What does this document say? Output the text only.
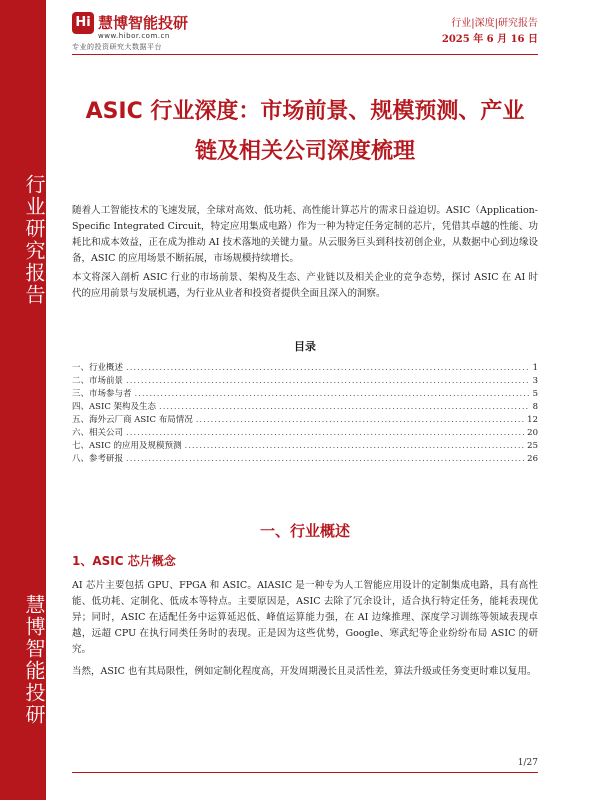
行业研究报告
慧博智能投研
Hi 慧博智能投研
www.hibor.com.cn
专业的投资研究大数据平台
行业|深度|研究报告
2025 年 6 月 16 日
ASIC 行业深度：市场前景、规模预测、产业
链及相关公司深度梳理
随着人工智能技术的飞速发展，全球对高效、低功耗、高性能计算芯片的需求日益迫切。ASIC（Application-Specific Integrated Circuit，特定应用集成电路）作为一种为特定任务定制的芯片，凭借其卓越的性能、功耗比和成本效益，正在成为推动 AI 技术落地的关键力量。从云服务巨头到科技初创企业，从数据中心到边缘设备，ASIC 的应用场景不断拓展，市场规模持续增长。
本文将深入剖析 ASIC 行业的市场前景、架构及生态、产业链以及相关企业的竞争态势，探讨 ASIC 在 AI 时代的应用前景与发展机遇，为行业从业者和投资者提供全面且深入的洞察。
目录
一、行业概述 .....	1
二、市场前景 .....	3
三、市场参与者 .....	5
四、ASIC 架构及生态 .....	8
五、海外云厂商 ASIC 布局情况 .....	12
六、相关公司 .....	20
七、ASIC 的应用及规模预测 .....	25
八、参考研报 .....	26
一、行业概述
1、ASIC 芯片概念
AI 芯片主要包括 GPU、FPGA 和 ASIC。AIASIC 是一种专为人工智能应用设计的定制集成电路，具有高性能、低功耗、定制化、低成本等特点。主要原因是，ASIC 去除了冗余设计，适合执行特定任务，能耗表现优异；同时，ASIC 在适配任务中运算延迟低、峰值运算能力强，在 AI 边缘推理、深度学习训练等领域表现卓越，远超 CPU 在执行同类任务时的表现。正是因为这些优势，Google、寒武纪等企业纷纷布局 ASIC 的研究。
当然，ASIC 也有其局限性，例如定制化程度高，开发周期漫长且灵活性差，算法升级或任务变更时难以复用。
1/27
